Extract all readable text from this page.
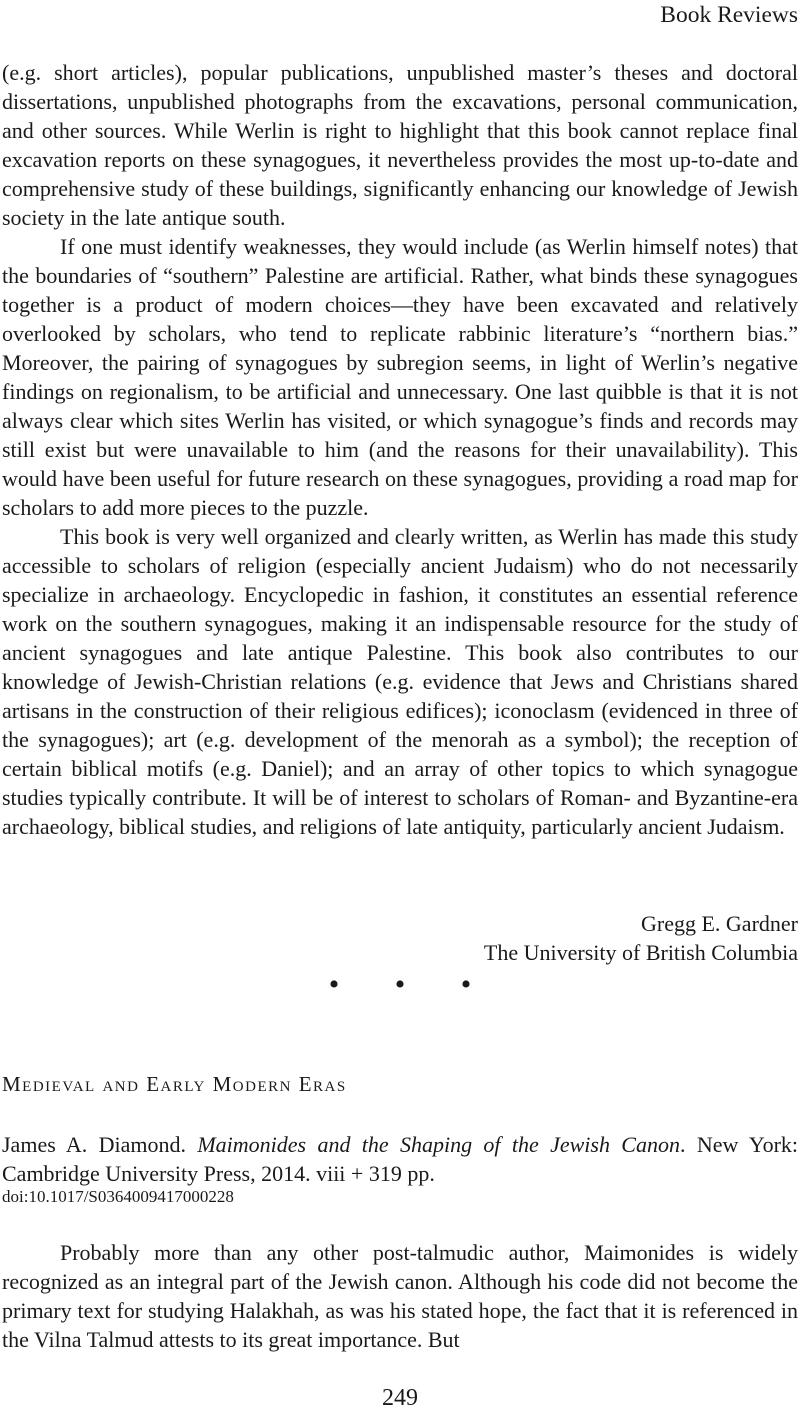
Book Reviews

(e.g. short articles), popular publications, unpublished master’s theses and doctoral dissertations, unpublished photographs from the excavations, personal communication, and other sources. While Werlin is right to highlight that this book cannot replace final excavation reports on these synagogues, it nevertheless provides the most up-to-date and comprehensive study of these buildings, significantly enhancing our knowledge of Jewish society in the late antique south.

If one must identify weaknesses, they would include (as Werlin himself notes) that the boundaries of “southern” Palestine are artificial. Rather, what binds these synagogues together is a product of modern choices—they have been excavated and relatively overlooked by scholars, who tend to replicate rabbinic literature’s “northern bias.” Moreover, the pairing of synagogues by subregion seems, in light of Werlin’s negative findings on regionalism, to be artificial and unnecessary. One last quibble is that it is not always clear which sites Werlin has visited, or which synagogue’s finds and records may still exist but were unavailable to him (and the reasons for their unavailability). This would have been useful for future research on these synagogues, providing a road map for scholars to add more pieces to the puzzle.

This book is very well organized and clearly written, as Werlin has made this study accessible to scholars of religion (especially ancient Judaism) who do not necessarily specialize in archaeology. Encyclopedic in fashion, it constitutes an essential reference work on the southern synagogues, making it an indispensable resource for the study of ancient synagogues and late antique Palestine. This book also contributes to our knowledge of Jewish-Christian relations (e.g. evidence that Jews and Christians shared artisans in the construction of their religious edifices); iconoclasm (evidenced in three of the synagogues); art (e.g. development of the menorah as a symbol); the reception of certain biblical motifs (e.g. Daniel); and an array of other topics to which synagogue studies typically contribute. It will be of interest to scholars of Roman- and Byzantine-era archaeology, biblical studies, and religions of late antiquity, particularly ancient Judaism.

Gregg E. Gardner
The University of British Columbia
• • •
Medieval and Early Modern Eras
James A. Diamond. Maimonides and the Shaping of the Jewish Canon. New York:
Cambridge University Press, 2014. viii + 319 pp.
doi:10.1017/S0364009417000228

Probably more than any other post-talmudic author, Maimonides is widely recognized as an integral part of the Jewish canon. Although his code did not become the primary text for studying Halakhah, as was his stated hope, the fact that it is referenced in the Vilna Talmud attests to its great importance. But

249
